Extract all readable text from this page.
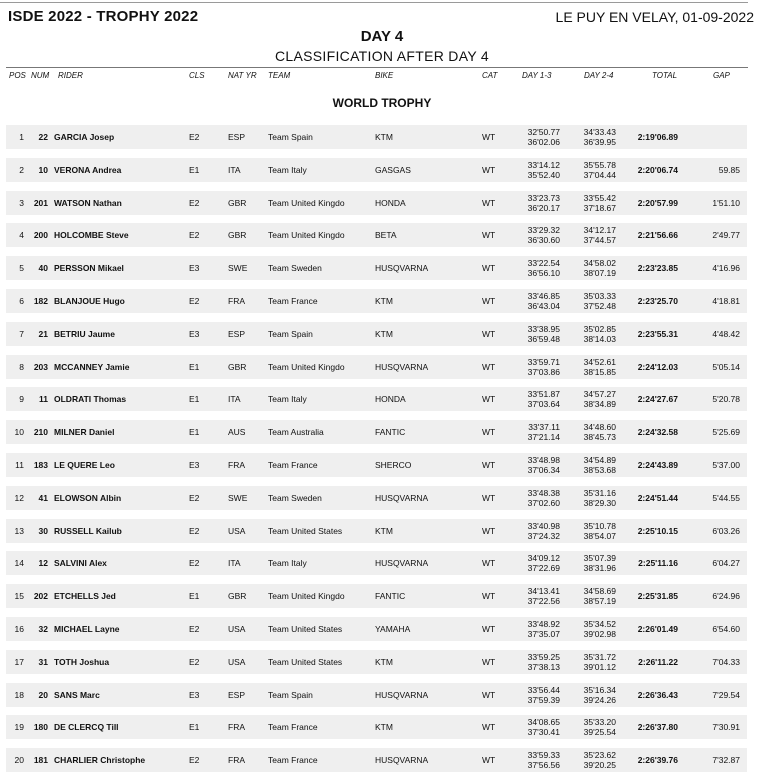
ISDE 2022 - TROPHY 2022	LE PUY EN VELAY, 01-09-2022
DAY 4
CLASSIFICATION AFTER DAY 4
POS NUM RIDER	CLS	NAT YR TEAM	BIKE	CAT	DAY 1-3	DAY 2-4	TOTAL	GAP
WORLD TROPHY
1	22 GARCIA Josep	E2	ESP	Team Spain	KTM	WT	32'50.77	34'33.43
36'02.06	36'39.95	2:19'06.89
2	10 VERONA Andrea	E1	ITA	Team Italy	GASGAS	WT	33'14.12	35'55.78
35'52.40	37'04.44	2:20'06.74	59.85
3	201 WATSON Nathan	E2	GBR	Team United Kingdo	HONDA	WT	33'23.73	33'55.42
36'20.17	37'18.67	2:20'57.99	1'51.10
4	200 HOLCOMBE Steve	E2	GBR	Team United Kingdo	BETA	WT	33'29.32	34'12.17
36'30.60	37'44.57	2:21'56.66	2'49.77
5	40 PERSSON Mikael	E3	SWE Team Sweden	HUSQVARNA	WT	33'22.54	34'58.02
36'56.10	38'07.19	2:23'23.85	4'16.96
6	182 BLANJOUE Hugo	E2	FRA	Team France	KTM	WT	33'46.85	35'03.33
36'43.04	37'52.48	2:23'25.70	4'18.81
7	21 BETRIU Jaume	E3	ESP	Team Spain	KTM	WT	33'38.95	35'02.85
36'59.48	38'14.03	2:23'55.31	4'48.42
8	203 MCCANNEY Jamie	E1	GBR	Team United Kingdo	HUSQVARNA	WT	33'59.71	34'52.61
37'03.86	38'15.85	2:24'12.03	5'05.14
9	11 OLDRATI Thomas	E1	ITA	Team Italy	HONDA	WT	33'51.87	34'57.27
37'03.64	38'34.89	2:24'27.67	5'20.78
10	210 MILNER Daniel	E1	AUS	Team Australia	FANTIC	WT	33'37.11	34'48.60
37'21.14	38'45.73	2:24'32.58	5'25.69
11	183 LE QUERE Leo	E3	FRA	Team France	SHERCO	WT	33'48.98	34'54.89
37'06.34	38'53.68	2:24'43.89	5'37.00
12	41 ELOWSON Albin	E2	SWE Team Sweden	HUSQVARNA	WT	33'48.38	35'31.16
37'02.60	38'29.30	2:24'51.44	5'44.55
13	30 RUSSELL Kailub	E2	USA	Team United States	KTM	WT	33'40.98	35'10.78
37'24.32	38'54.07	2:25'10.15	6'03.26
14	12 SALVINI Alex	E2	ITA	Team Italy	HUSQVARNA	WT	34'09.12	35'07.39
37'22.69	38'31.96	2:25'11.16	6'04.27
15	202 ETCHELLS Jed	E1	GBR	Team United Kingdo	FANTIC	WT	34'13.41	34'58.69
37'22.56	38'57.19	2:25'31.85	6'24.96
16	32 MICHAEL Layne	E2	USA	Team United States	YAMAHA	WT	33'48.92	35'34.52
37'35.07	39'02.98	2:26'01.49	6'54.60
17	31 TOTH Joshua	E2	USA	Team United States	KTM	WT	33'59.25	35'31.72
37'38.13	39'01.12	2:26'11.22	7'04.33
18	20 SANS Marc	E3	ESP	Team Spain	HUSQVARNA	WT	33'56.44	35'16.34
37'59.39	39'24.26	2:26'36.43	7'29.54
19	180 DE CLERCQ Till	E1	FRA	Team France	KTM	WT	34'08.65	35'33.20
37'30.41	39'25.54	2:26'37.80	7'30.91
20	181 CHARLIER Christophe	E2	FRA	Team France	HUSQVARNA	WT	33'59.33	35'23.62
37'56.56	39'20.25	2:26'39.76	7'32.87
